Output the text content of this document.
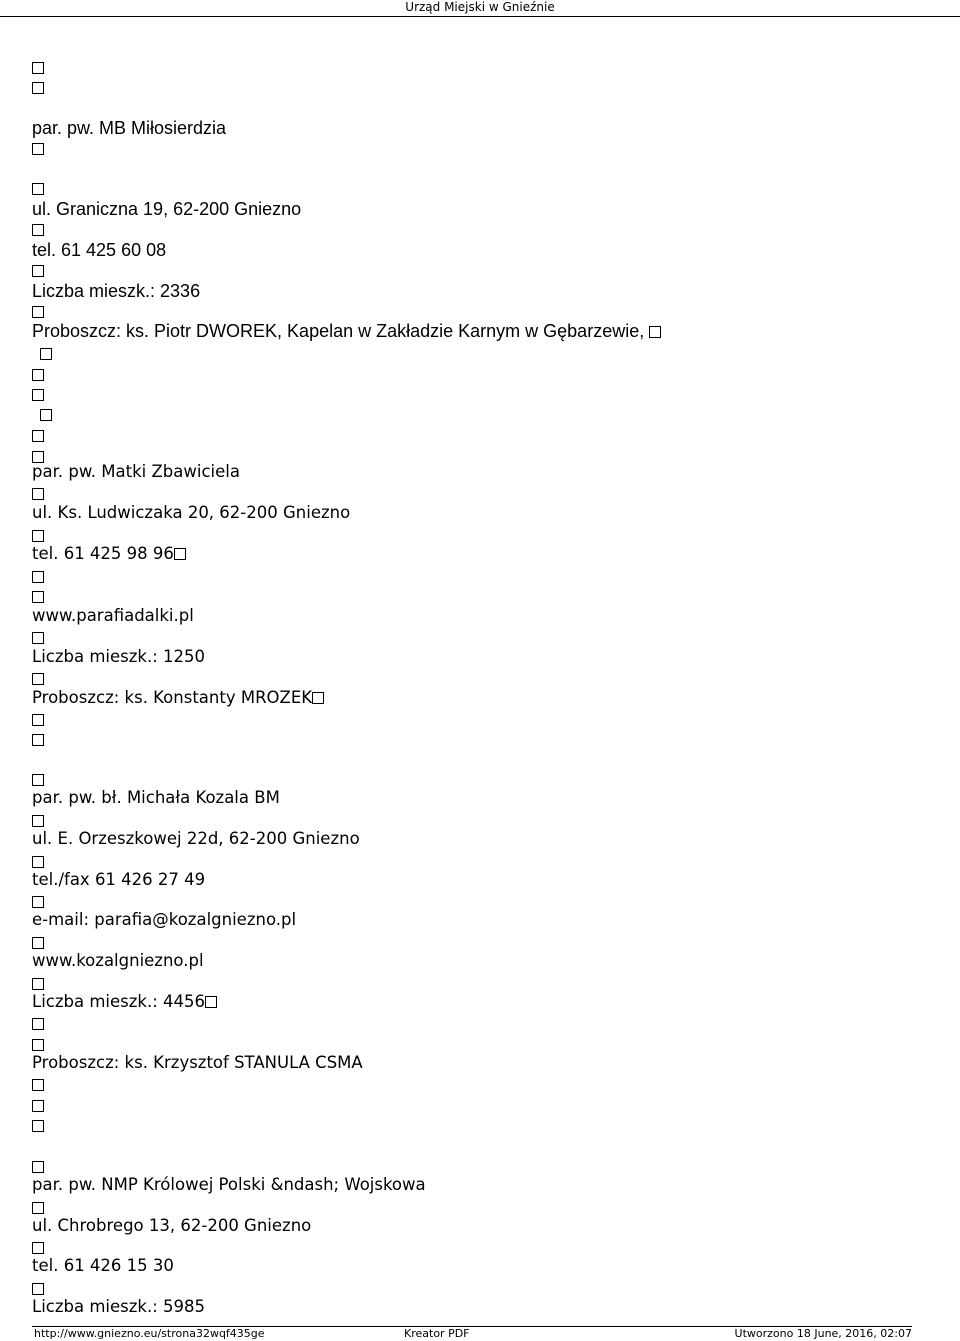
Urząd Miejski w Gnieźnie
par. pw. MB Miłosierdzia
ul. Graniczna 19, 62-200 Gniezno
tel. 61 425 60 08
Liczba mieszk.: 2336
Proboszcz: ks. Piotr DWOREK, Kapelan w Zakładzie Karnym w Gębarzewie,
par. pw. Matki Zbawiciela
ul. Ks. Ludwiczaka 20, 62-200 Gniezno
tel. 61 425 98 96
www.parafiadalki.pl
Liczba mieszk.: 1250
Proboszcz: ks. Konstanty MROZEK
par. pw. bł. Michała Kozala BM
ul. E. Orzeszkowej 22d, 62-200 Gniezno
tel./fax 61 426 27 49
e-mail: parafia@kozalgniezno.pl
www.kozalgniezno.pl
Liczba mieszk.: 4456
Proboszcz: ks. Krzysztof STANULA CSMA
par. pw. NMP Królowej Polski &ndash; Wojskowa
ul. Chrobrego 13, 62-200 Gniezno
tel. 61 426 15 30
Liczba mieszk.: 5985
http://www.gniezno.eu/strona32wqf435ge	Kreator PDF	Utworzono 18 June, 2016, 02:07
